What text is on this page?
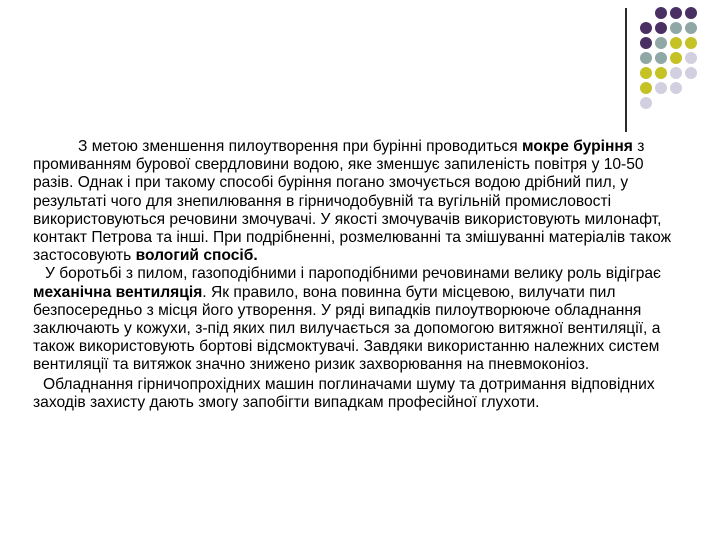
З метою зменшення пилоутворення при бурінні проводиться мокре буріння з промиванням бурової свердловини водою, яке зменшує запиленість повітря у 10-50 разів. Однак і при такому способі буріння погано змочується водою дрібний пил, у результаті чого для знепилювання в гірничодобувній та вугільній промисловості використовуються речовини змочувачі. У якості змочувачів використовують милонафт, контакт Петрова та інші. При подрібненні, розмелюванні та змішуванні матеріалів також застосовують вологий спосіб.

У боротьбі з пилом, газоподібними і пароподібними речовинами велику роль відіграє механічна вентиляція. Як правило, вона повинна бути місцевою, вилучати пил безпосередньо з місця його утворення. У ряді випадків пилоутворююче обладнання заключають у кожухи, з-під яких пил вилучається за допомогою витяжної вентиляції, а також використовують бортові відсмоктувачі. Завдяки використанню належних систем вентиляції та витяжок значно знижено ризик захворювання на пневмоконіоз.

Обладнання гірничопрохідних машин поглиначами шуму та дотримання відповідних заходів захисту дають змогу запобігти випадкам професійної глухоти.
